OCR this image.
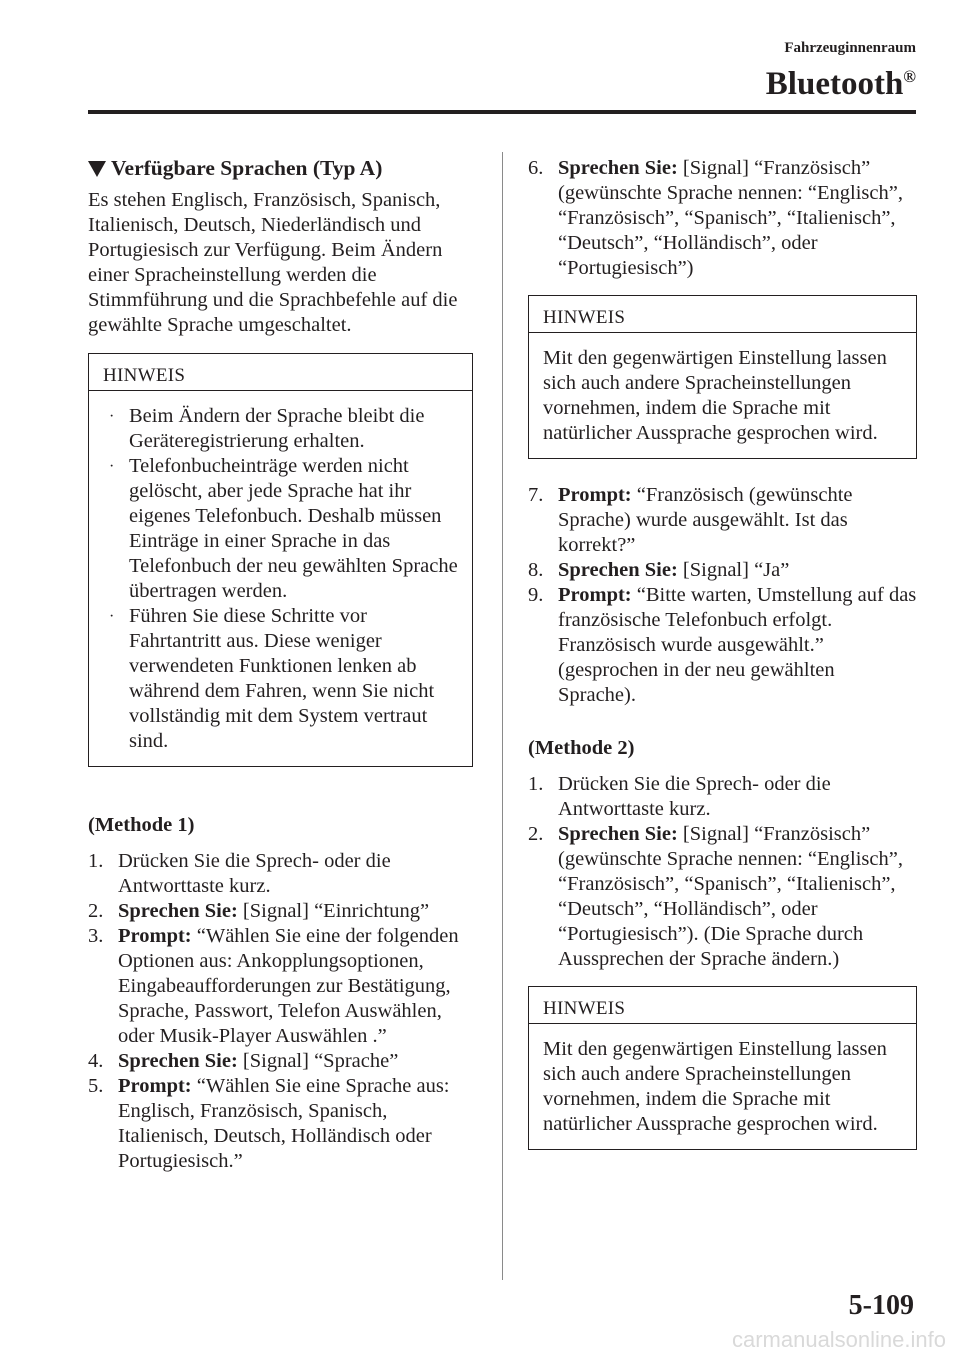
Fahrzeuginnenraum
Bluetooth®
Verfügbare Sprachen (Typ A)

Es stehen Englisch, Französisch, Spanisch, Italienisch, Deutsch, Niederländisch und Portugiesisch zur Verfügung. Beim Ändern einer Spracheinstellung werden die Stimmführung und die Sprachbefehle auf die gewählte Sprache umgeschaltet.

HINWEIS
· Beim Ändern der Sprache bleibt die Geräteregistrierung erhalten.
· Telefonbucheinträge werden nicht gelöscht, aber jede Sprache hat ihr eigenes Telefonbuch. Deshalb müssen Einträge in einer Sprache in das Telefonbuch der neu gewählten Sprache übertragen werden.
· Führen Sie diese Schritte vor Fahrtantritt aus. Diese weniger verwendeten Funktionen lenken ab während dem Fahren, wenn Sie nicht vollständig mit dem System vertraut sind.

(Methode 1)

1. Drücken Sie die Sprech- oder die Antworttaste kurz.
2. Sprechen Sie: [Signal] “Einrichtung”
3. Prompt: “Wählen Sie eine der folgenden Optionen aus: Ankopplungsoptionen, Eingabeaufforderungen zur Bestätigung, Sprache, Passwort, Telefon Auswählen, oder Musik-Player Auswählen .”
4. Sprechen Sie: [Signal] “Sprache”
5. Prompt: “Wählen Sie eine Sprache aus: Englisch, Französisch, Spanisch, Italienisch, Deutsch, Holländisch oder Portugiesisch.”
6. Sprechen Sie: [Signal] “Französisch” (gewünschte Sprache nennen: “Englisch”, “Französisch”, “Spanisch”, “Italienisch”, “Deutsch”, “Holländisch”, oder “Portugiesisch”)
HINWEIS
Mit den gegenwärtigen Einstellung lassen sich auch andere Spracheinstellungen vornehmen, indem die Sprache mit natürlicher Aussprache gesprochen wird.
7. Prompt: “Französisch (gewünschte Sprache) wurde ausgewählt. Ist das korrekt?”
8. Sprechen Sie: [Signal] “Ja”
9. Prompt: “Bitte warten, Umstellung auf das französische Telefonbuch erfolgt. Französisch wurde ausgewählt.” (gesprochen in der neu gewählten Sprache).

(Methode 2)

1. Drücken Sie die Sprech- oder die Antworttaste kurz.
2. Sprechen Sie: [Signal] “Französisch” (gewünschte Sprache nennen: “Englisch”, “Französisch”, “Spanisch”, “Italienisch”, “Deutsch”, “Holländisch”, oder “Portugiesisch”). (Die Sprache durch Aussprechen der Sprache ändern.)
HINWEIS
Mit den gegenwärtigen Einstellung lassen sich auch andere Spracheinstellungen vornehmen, indem die Sprache mit natürlicher Aussprache gesprochen wird.
5-109
carmanualsonline.info
